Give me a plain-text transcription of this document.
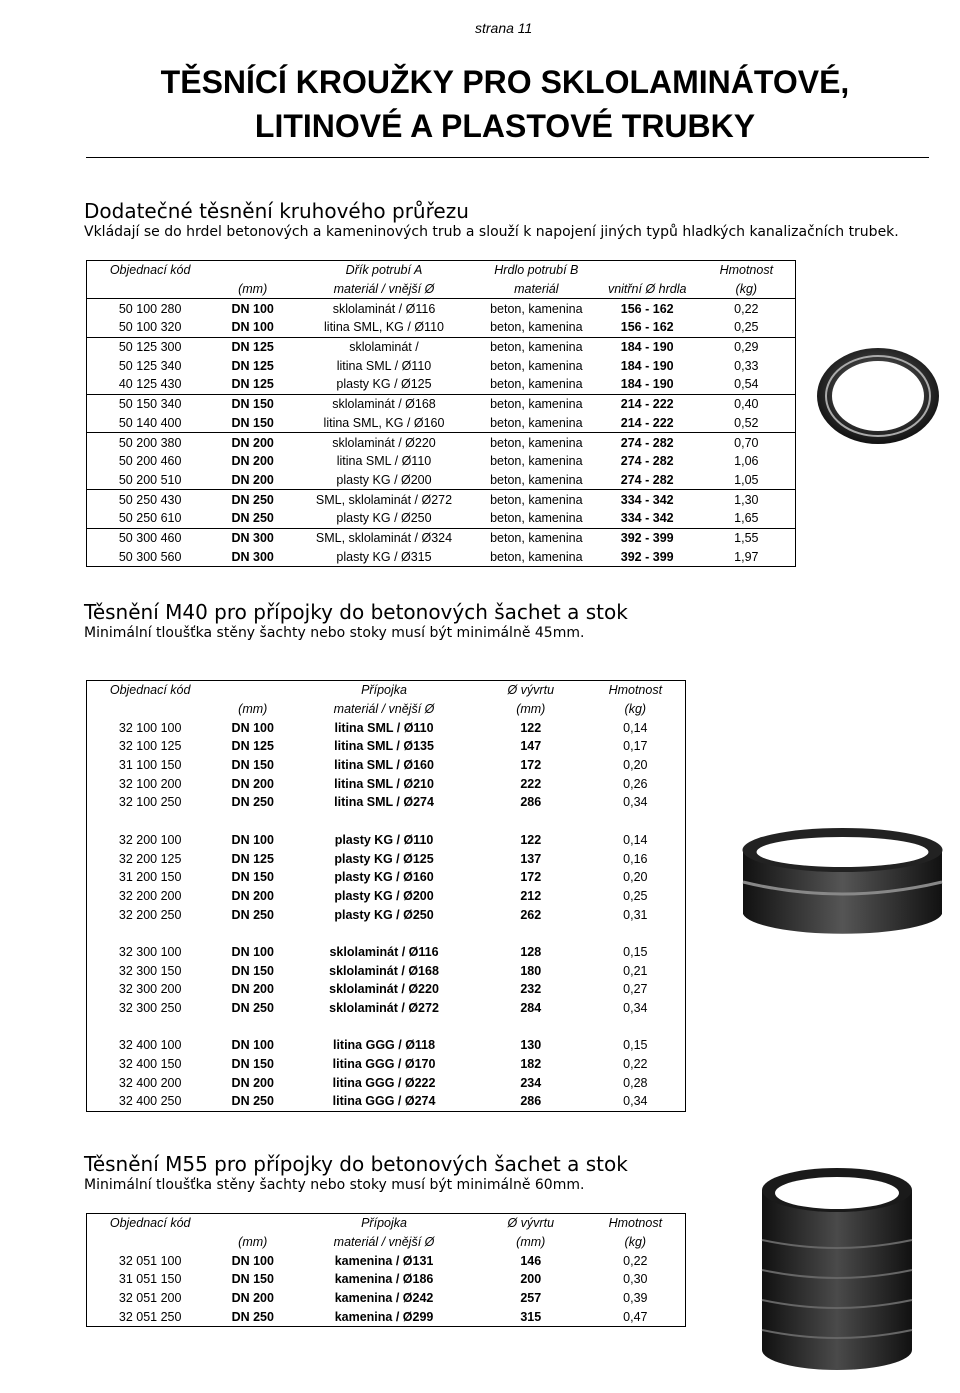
strana 11
TĚSNÍCÍ KROUŽKY PRO SKLOLAMINÁTOVÉ,
LITINOVÉ A PLASTOVÉ TRUBKY
Dodatečné těsnění kruhového průřezu
Vkládají se do hrdel betonových a kameninových trub a slouží k napojení jiných typů hladkých kanalizačních trubek.
Objednací kód		Dřík potrubí A	Hrdlo potrubí B		Hmotnost
	(mm)	materiál / vnější Ø	materiál	vnitřní Ø hrdla	(kg)
50 100 280	DN 100	sklolaminát / Ø116	beton, kamenina	156 - 162	0,22
50 100 320	DN 100	litina SML, KG / Ø110	beton, kamenina	156 - 162	0,25
50 125 300	DN 125	sklolaminát /	beton, kamenina	184 - 190	0,29
50 125 340	DN 125	litina SML / Ø110	beton, kamenina	184 - 190	0,33
40 125 430	DN 125	plasty KG / Ø125	beton, kamenina	184 - 190	0,54
50 150 340	DN 150	sklolaminát / Ø168	beton, kamenina	214 - 222	0,40
50 140 400	DN 150	litina SML, KG / Ø160	beton, kamenina	214 - 222	0,52
50 200 380	DN 200	sklolaminát / Ø220	beton, kamenina	274 - 282	0,70
50 200 460	DN 200	litina SML / Ø110	beton, kamenina	274 - 282	1,06
50 200 510	DN 200	plasty KG / Ø200	beton, kamenina	274 - 282	1,05
50 250 430	DN 250	SML, sklolaminát / Ø272	beton, kamenina	334 - 342	1,30
50 250 610	DN 250	plasty KG / Ø250	beton, kamenina	334 - 342	1,65
50 300 460	DN 300	SML, sklolaminát / Ø324	beton, kamenina	392 - 399	1,55
50 300 560	DN 300	plasty KG / Ø315	beton, kamenina	392 - 399	1,97
Těsnění M40 pro přípojky do betonových šachet a stok
Minimální tloušťka stěny šachty nebo stoky musí být minimálně 45mm.
Objednací kód		Přípojka	Ø vývrtu	Hmotnost
	(mm)	materiál / vnější Ø	(mm)	(kg)
32 100 100	DN 100	litina SML / Ø110	122	0,14
32 100 125	DN 125	litina SML / Ø135	147	0,17
31 100 150	DN 150	litina SML / Ø160	172	0,20
32 100 200	DN 200	litina SML / Ø210	222	0,26
32 100 250	DN 250	litina SML / Ø274	286	0,34

32 200 100	DN 100	plasty KG / Ø110	122	0,14
32 200 125	DN 125	plasty KG / Ø125	137	0,16
31 200 150	DN 150	plasty KG / Ø160	172	0,20
32 200 200	DN 200	plasty KG / Ø200	212	0,25
32 200 250	DN 250	plasty KG / Ø250	262	0,31

32 300 100	DN 100	sklolaminát / Ø116	128	0,15
32 300 150	DN 150	sklolaminát / Ø168	180	0,21
32 300 200	DN 200	sklolaminát / Ø220	232	0,27
32 300 250	DN 250	sklolaminát / Ø272	284	0,34

32 400 100	DN 100	litina GGG / Ø118	130	0,15
32 400 150	DN 150	litina GGG / Ø170	182	0,22
32 400 200	DN 200	litina GGG / Ø222	234	0,28
32 400 250	DN 250	litina GGG / Ø274	286	0,34
Těsnění M55 pro přípojky do betonových šachet a stok
Minimální tloušťka stěny šachty nebo stoky musí být minimálně 60mm.
Objednací kód		Přípojka	Ø vývrtu	Hmotnost
	(mm)	materiál / vnější Ø	(mm)	(kg)
32 051 100	DN 100	kamenina / Ø131	146	0,22
31 051 150	DN 150	kamenina / Ø186	200	0,30
32 051 200	DN 200	kamenina / Ø242	257	0,39
32 051 250	DN 250	kamenina / Ø299	315	0,47
